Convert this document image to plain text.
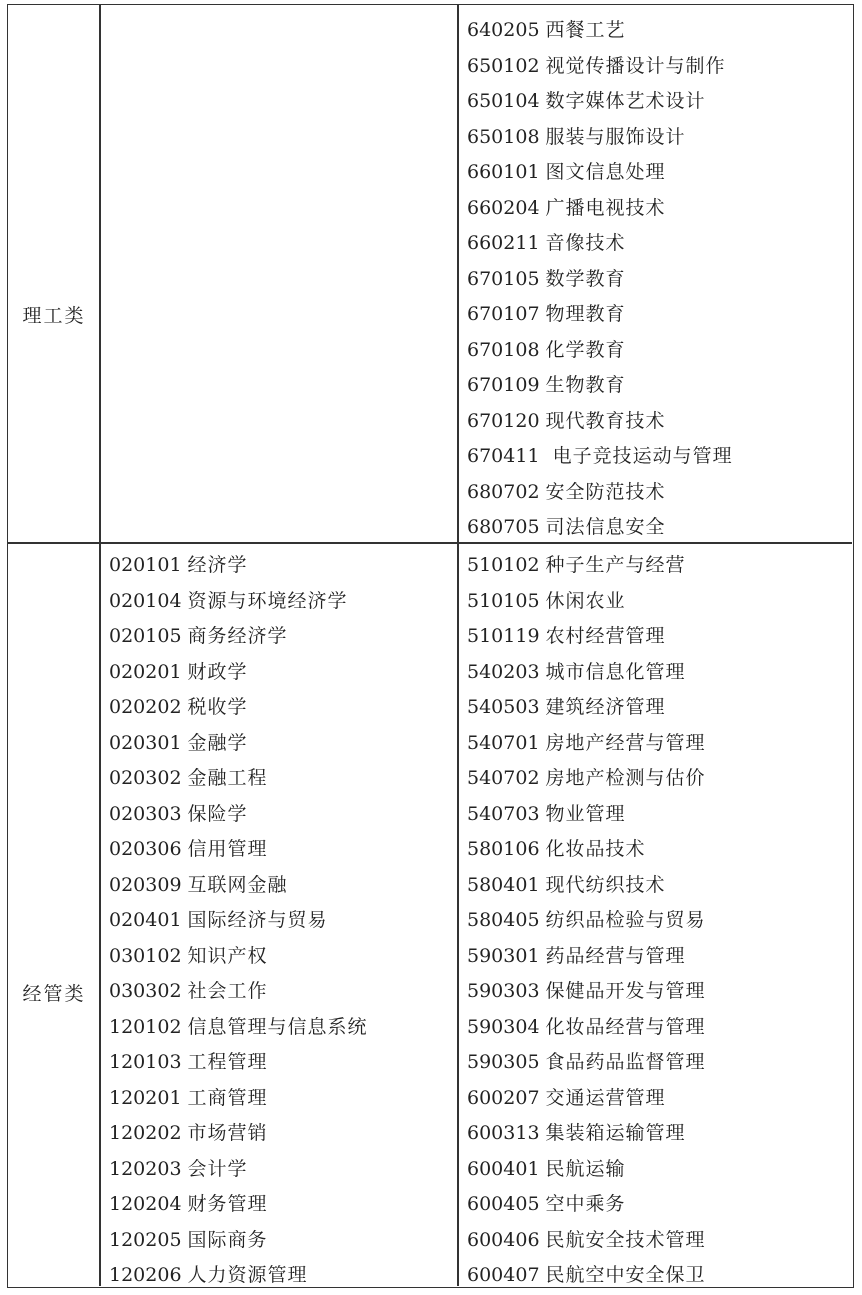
理工类
640205 西餐工艺
650102 视觉传播设计与制作
650104 数字媒体艺术设计
650108 服装与服饰设计
660101 图文信息处理
660204 广播电视技术
660211 音像技术
670105 数学教育
670107 物理教育
670108 化学教育
670109 生物教育
670120 现代教育技术
670411 电子竞技运动与管理
680702 安全防范技术
680705 司法信息安全
经管类
020101 经济学
020104 资源与环境经济学
020105 商务经济学
020201 财政学
020202 税收学
020301 金融学
020302 金融工程
020303 保险学
020306 信用管理
020309 互联网金融
020401 国际经济与贸易
030102 知识产权
030302 社会工作
120102 信息管理与信息系统
120103 工程管理
120201 工商管理
120202 市场营销
120203 会计学
120204 财务管理
120205 国际商务
120206 人力资源管理
510102 种子生产与经营
510105 休闲农业
510119 农村经营管理
540203 城市信息化管理
540503 建筑经济管理
540701 房地产经营与管理
540702 房地产检测与估价
540703 物业管理
580106 化妆品技术
580401 现代纺织技术
580405 纺织品检验与贸易
590301 药品经营与管理
590303 保健品开发与管理
590304 化妆品经营与管理
590305 食品药品监督管理
600207 交通运营管理
600313 集装箱运输管理
600401 民航运输
600405 空中乘务
600406 民航安全技术管理
600407 民航空中安全保卫
